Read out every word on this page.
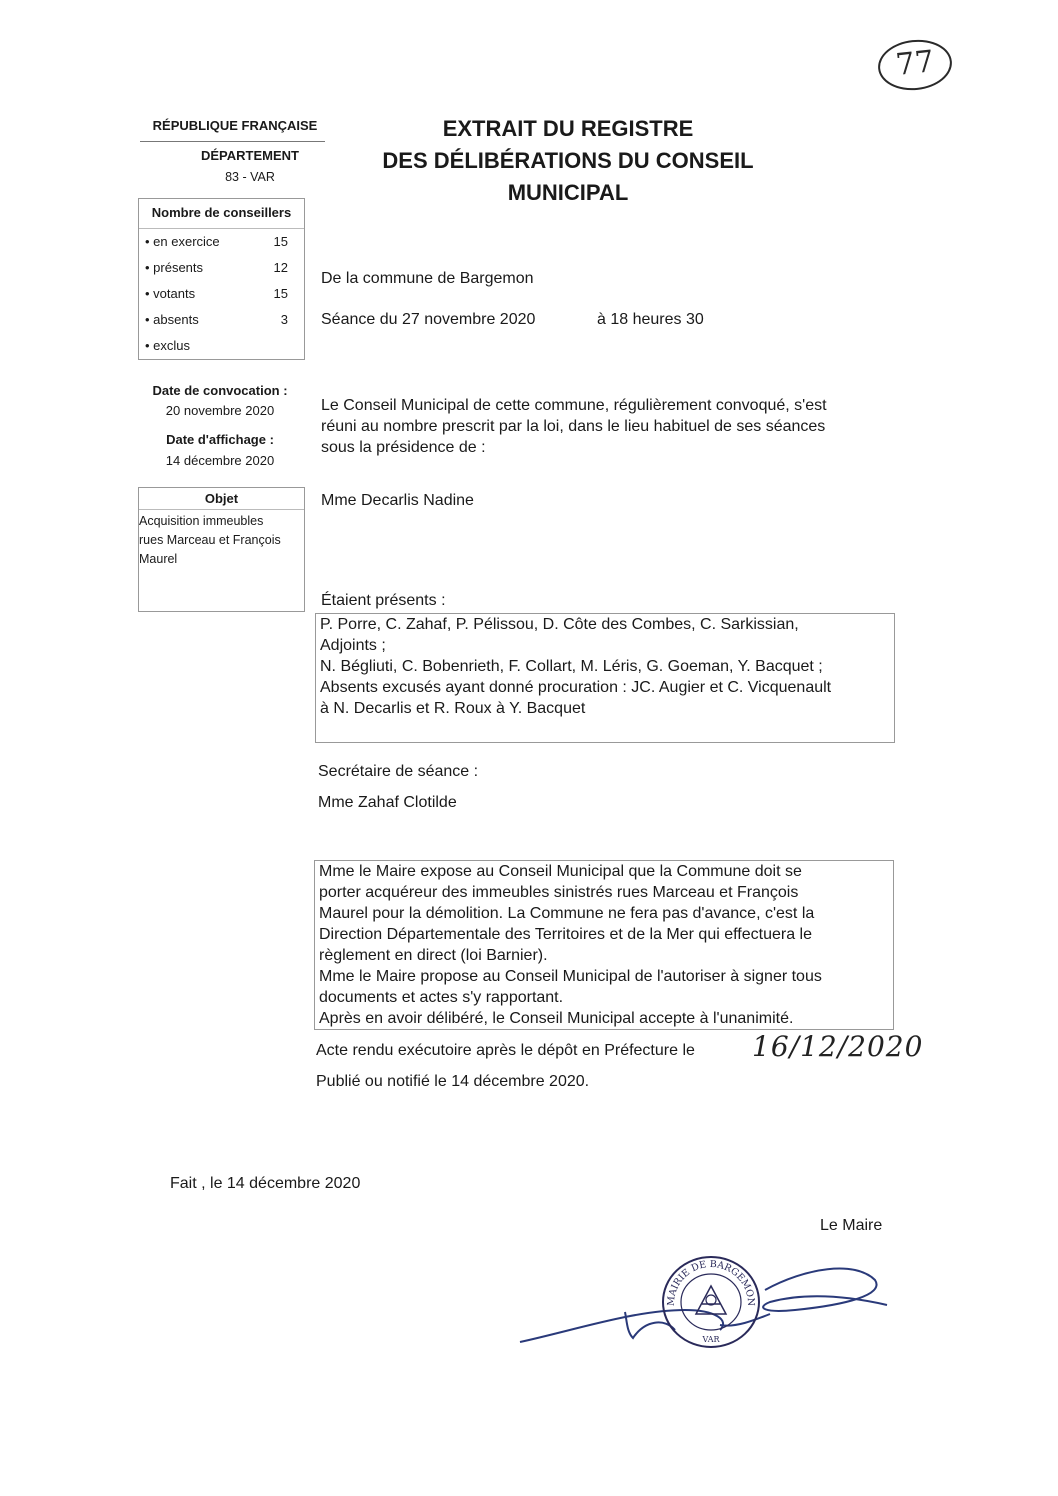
77
RÉPUBLIQUE FRANÇAISE
DÉPARTEMENT
83 - VAR
EXTRAIT DU REGISTRE
DES DÉLIBÉRATIONS DU CONSEIL
MUNICIPAL
Nombre de conseillers
• en exercice	15
• présents	12
• votants	15
• absents	3
• exclus
Date de convocation :
20 novembre 2020
Date d'affichage :
14 décembre 2020
Objet
Acquisition immeubles
rues Marceau et François
Maurel
De la commune de Bargemon
Séance du 27 novembre 2020	à 18 heures 30
Le Conseil Municipal de cette commune, régulièrement convoqué, s'est
réuni au nombre prescrit par la loi, dans le lieu habituel de ses séances
sous la présidence de :
Mme Decarlis Nadine
Étaient présents :
P. Porre, C. Zahaf, P. Pélissou, D. Côte des Combes, C. Sarkissian,
Adjoints ;
N. Bégliuti, C. Bobenrieth, F. Collart, M. Léris, G. Goeman, Y. Bacquet ;
Absents excusés ayant donné procuration : JC. Augier et C. Vicquenault
à N. Decarlis et R. Roux à Y. Bacquet
Secrétaire de séance :
Mme Zahaf Clotilde
Mme le Maire expose au Conseil Municipal que la Commune doit se
porter acquéreur des immeubles sinistrés rues Marceau et François
Maurel pour la démolition. La Commune ne fera pas d'avance, c'est la
Direction Départementale des Territoires et de la Mer qui effectuera le
règlement en direct (loi Barnier).
Mme le Maire propose au Conseil Municipal de l'autoriser à signer tous
documents et actes s'y rapportant.
Après en avoir délibéré, le Conseil Municipal accepte à l'unanimité.
Acte rendu exécutoire après le dépôt en Préfecture le 16/12/2020
Publié ou notifié le 14 décembre 2020.
Fait , le 14 décembre 2020
Le Maire
MAIRIE DE BARGEMON
VAR
